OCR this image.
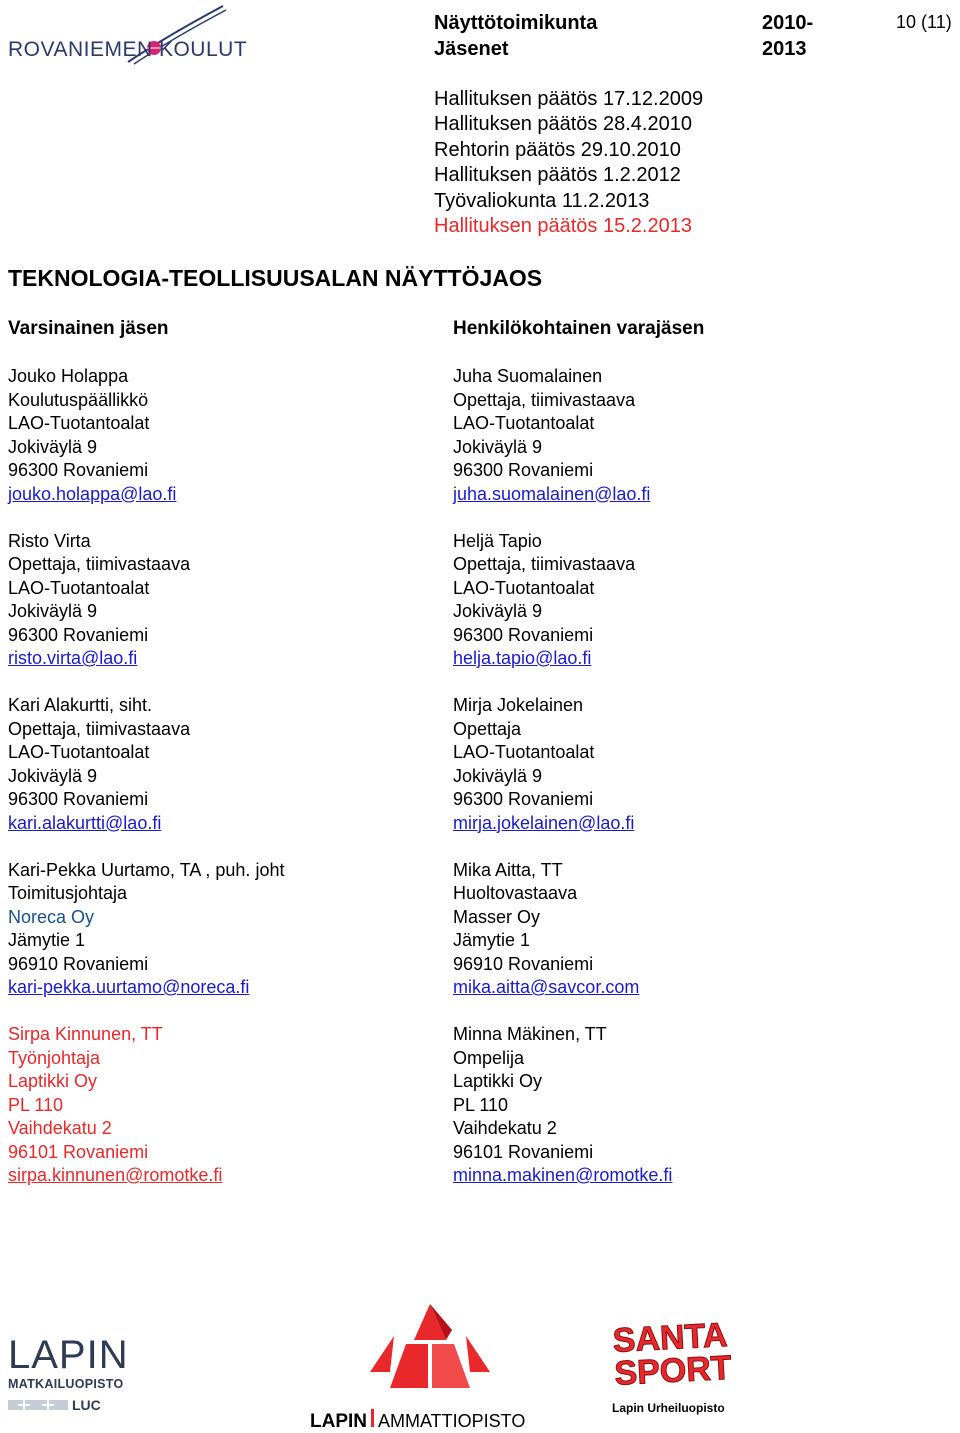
ROVANIEMEN KOULUT
Näyttötoimikunta
Jäsenet
2010-
2013
10 (11)
Hallituksen päätös 17.12.2009
Hallituksen päätös 28.4.2010
Rehtorin päätös 29.10.2010
Hallituksen päätös 1.2.2012
Työvaliokunta 11.2.2013
Hallituksen päätös 15.2.2013
TEKNOLOGIA-TEOLLISUUSALAN NÄYTTÖJAOS
Varsinainen jäsen	Henkilökohtainen varajäsen
Jouko Holappa
Koulutuspäällikkö
LAO-Tuotantoalat
Jokiväylä 9
96300 Rovaniemi
jouko.holappa@lao.fi
Risto Virta
Opettaja, tiimivastaava
LAO-Tuotantoalat
Jokiväylä 9
96300 Rovaniemi
risto.virta@lao.fi
Kari Alakurtti, siht.
Opettaja, tiimivastaava
LAO-Tuotantoalat
Jokiväylä 9
96300 Rovaniemi
kari.alakurtti@lao.fi
Kari-Pekka Uurtamo, TA , puh. joht
Toimitusjohtaja
Noreca Oy
Jämytie 1
96910 Rovaniemi
kari-pekka.uurtamo@noreca.fi
Sirpa Kinnunen, TT
Työnjohtaja
Laptikki Oy
PL 110
Vaihdekatu 2
96101 Rovaniemi
sirpa.kinnunen@romotke.fi
Juha Suomalainen
Opettaja, tiimivastaava
LAO-Tuotantoalat
Jokiväylä 9
96300 Rovaniemi
juha.suomalainen@lao.fi
Heljä Tapio
Opettaja, tiimivastaava
LAO-Tuotantoalat
Jokiväylä 9
96300 Rovaniemi
helja.tapio@lao.fi
Mirja Jokelainen
Opettaja
LAO-Tuotantoalat
Jokiväylä 9
96300 Rovaniemi
mirja.jokelainen@lao.fi
Mika Aitta, TT
Huoltovastaava
Masser Oy
Jämytie 1
96910 Rovaniemi
mika.aitta@savcor.com
Minna Mäkinen, TT
Ompelija
Laptikki Oy
PL 110
Vaihdekatu 2
96101 Rovaniemi
minna.makinen@romotke.fi
LAPIN
MATKAILUOPISTO
LUC
LAPIN AMMATTIOPISTO
SANTA
SPORT
Lapin Urheiluopisto
